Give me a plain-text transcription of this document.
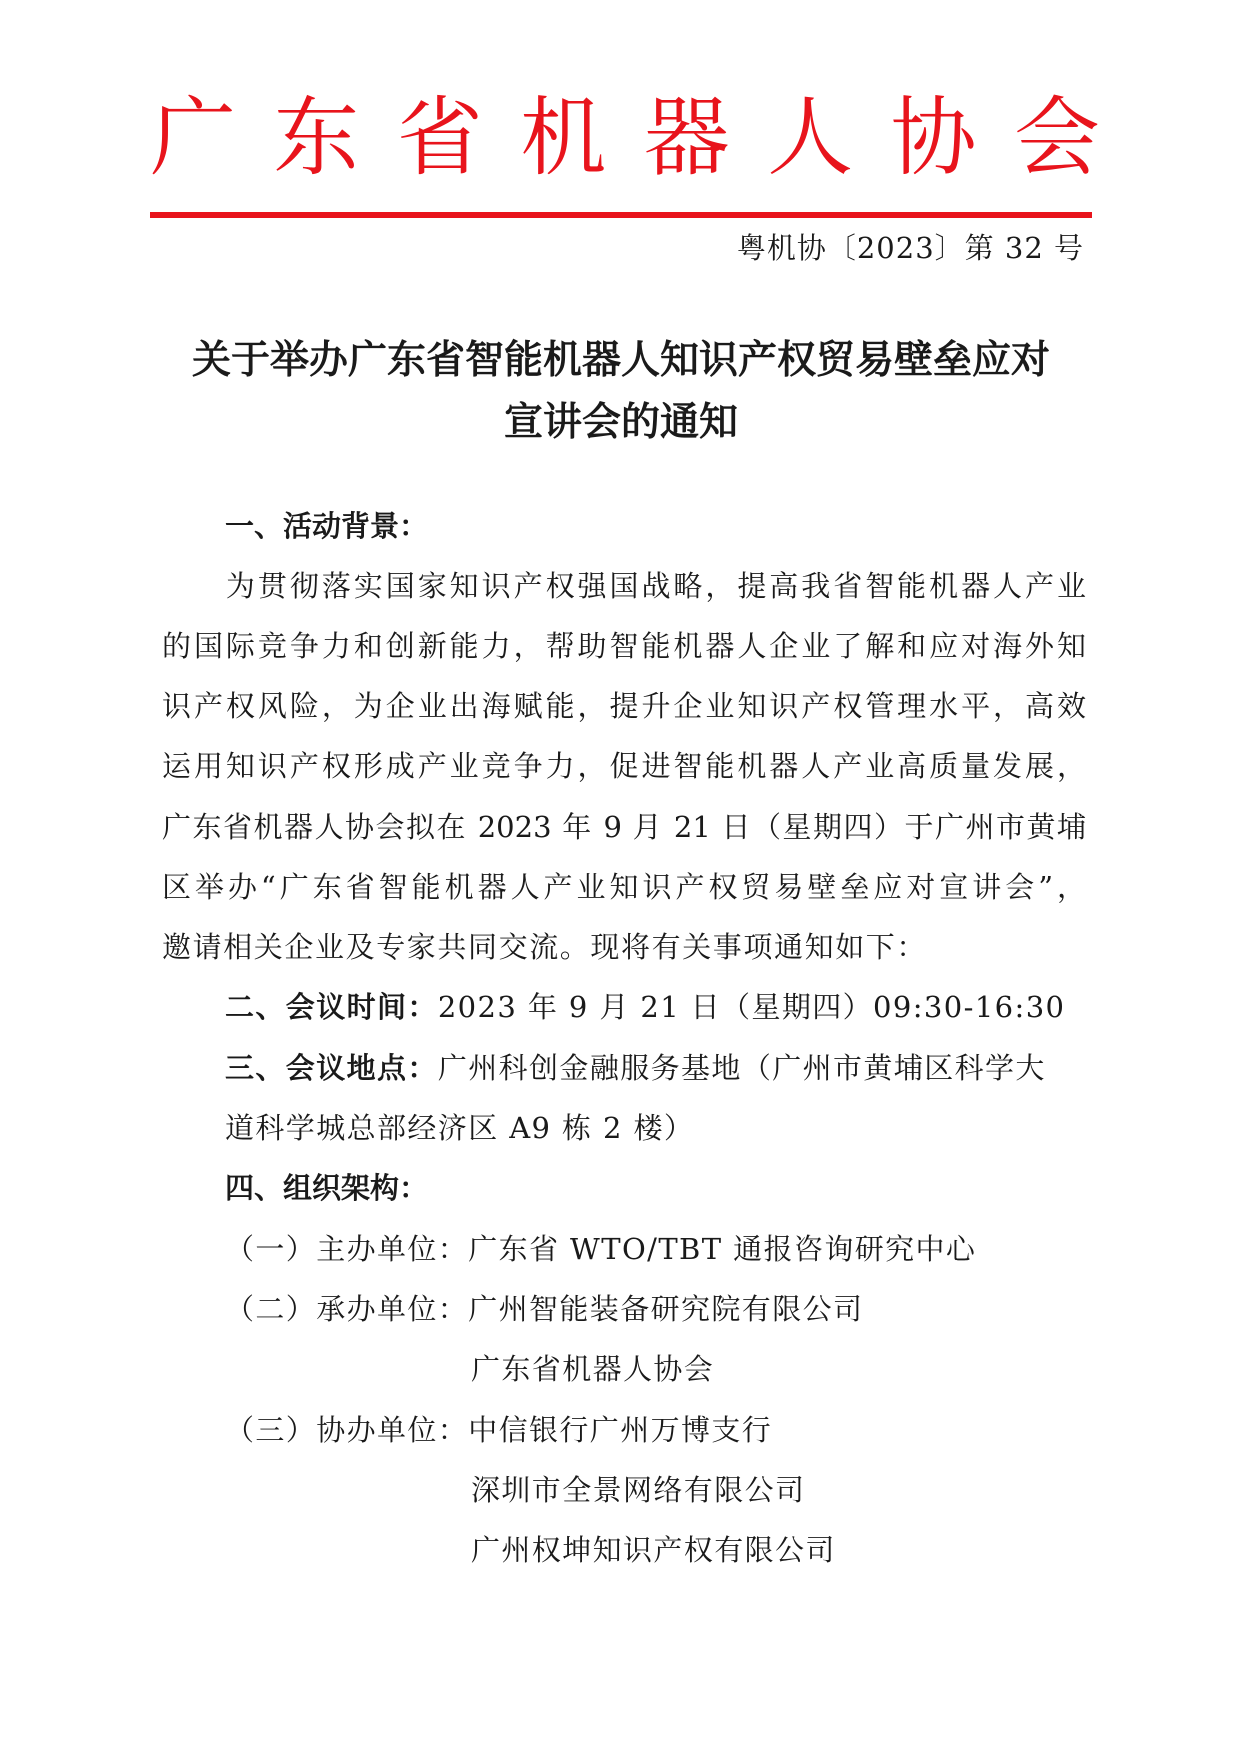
广 东 省 机 器 人 协 会
粤机协〔2023〕第 32 号
关于举办广东省智能机器人知识产权贸易壁垒应对
宣讲会的通知
一、活动背景：
　　为贯彻落实国家知识产权强国战略，提高我省智能机器人产业
的国际竞争力和创新能力，帮助智能机器人企业了解和应对海外知
识产权风险，为企业出海赋能，提升企业知识产权管理水平，高效
运用知识产权形成产业竞争力，促进智能机器人产业高质量发展，
广东省机器人协会拟在 2023 年 9 月 21 日（星期四）于广州市黄埔
区举办“广东省智能机器人产业知识产权贸易壁垒应对宣讲会”，
邀请相关企业及专家共同交流。现将有关事项通知如下：
二、会议时间：2023 年 9 月 21 日（星期四）09:30-16:30
三、会议地点：广州科创金融服务基地（广州市黄埔区科学大
道科学城总部经济区 A9 栋 2 楼）
四、组织架构：
（一）主办单位：广东省 WTO/TBT 通报咨询研究中心
（二）承办单位：广州智能装备研究院有限公司
广东省机器人协会
（三）协办单位：中信银行广州万博支行
深圳市全景网络有限公司
广州权坤知识产权有限公司
